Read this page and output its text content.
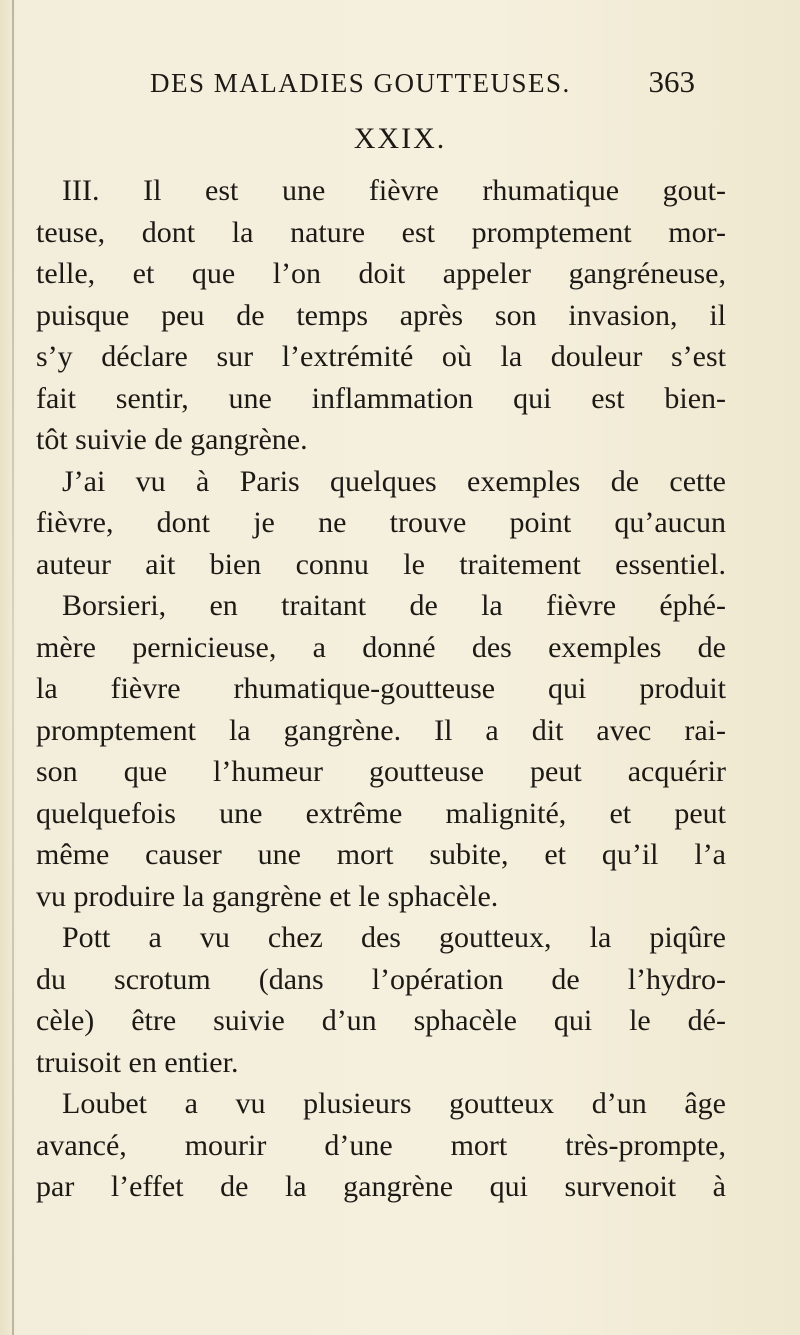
DES MALADIES GOUTTEUSES.	363
XXIX.
III. Il est une fièvre rhumatique gout-
teuse, dont la nature est promptement mor-
telle, et que l’on doit appeler gangréneuse,
puisque peu de temps après son invasion, il
s’y déclare sur l’extrémité où la douleur s’est
fait sentir, une inflammation qui est bien-
tôt suivie de gangrène.
J’ai vu à Paris quelques exemples de cette
fièvre, dont je ne trouve point qu’aucun
auteur ait bien connu le traitement essentiel.
Borsieri, en traitant de la fièvre éphé-
mère pernicieuse, a donné des exemples de
la fièvre rhumatique-goutteuse qui produit
promptement la gangrène. Il a dit avec rai-
son que l’humeur goutteuse peut acquérir
quelquefois une extrême malignité, et peut
même causer une mort subite, et qu’il l’a
vu produire la gangrène et le sphacèle.
Pott a vu chez des goutteux, la piqûre
du scrotum (dans l’opération de l’hydro-
cèle) être suivie d’un sphacèle qui le dé-
truisoit en entier.
Loubet a vu plusieurs goutteux d’un âge
avancé, mourir d’une mort très-prompte,
par l’effet de la gangrène qui survenoit à
